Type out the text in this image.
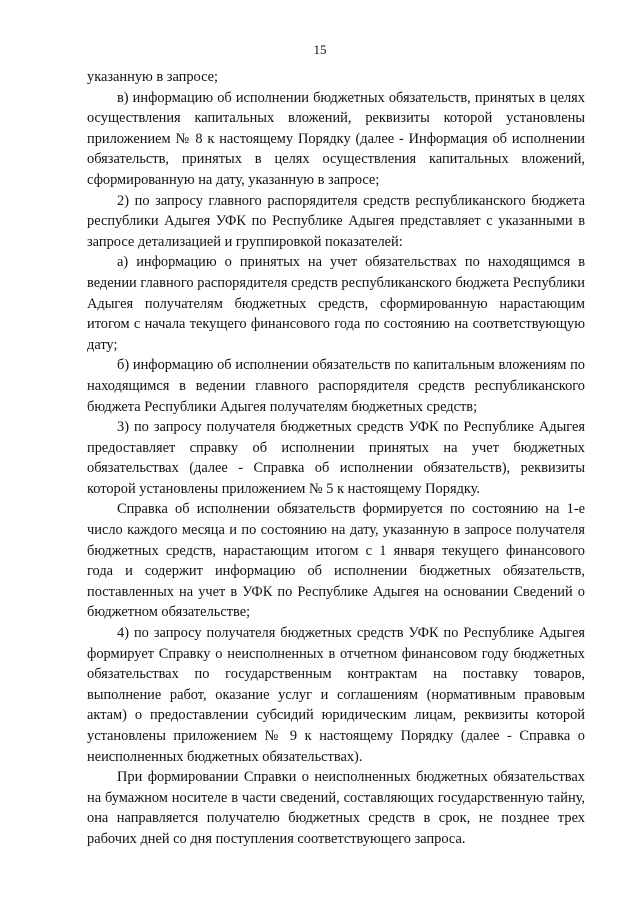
15

указанную в запросе;

в) информацию об исполнении бюджетных обязательств, принятых в целях осуществления капитальных вложений, реквизиты которой установлены приложением № 8 к настоящему Порядку (далее - Информация об исполнении обязательств, принятых в целях осуществления капитальных вложений, сформированную на дату, указанную в запросе;

2) по запросу главного распорядителя средств республиканского бюджета республики Адыгея УФК по Республике Адыгея представляет с указанными в запросе детализацией и группировкой показателей:

а) информацию о принятых на учет обязательствах по находящимся в ведении главного распорядителя средств республиканского бюджета Республики Адыгея получателям бюджетных средств, сформированную нарастающим итогом с начала текущего финансового года по состоянию на соответствующую дату;

б) информацию об исполнении обязательств по капитальным вложениям по находящимся в ведении главного распорядителя средств республиканского бюджета Республики Адыгея получателям бюджетных средств;

3) по запросу получателя бюджетных средств УФК по Республике Адыгея предоставляет справку об исполнении принятых на учет бюджетных обязательствах (далее - Справка об исполнении обязательств), реквизиты которой установлены приложением № 5 к настоящему Порядку.

Справка об исполнении обязательств формируется по состоянию на 1-е число каждого месяца и по состоянию на дату, указанную в запросе получателя бюджетных средств, нарастающим итогом с 1 января текущего финансового года и содержит информацию об исполнении бюджетных обязательств, поставленных на учет в УФК по Республике Адыгея на основании Сведений о бюджетном обязательстве;

4) по запросу получателя бюджетных средств УФК по Республике Адыгея формирует Справку о неисполненных в отчетном финансовом году бюджетных обязательствах по государственным контрактам на поставку товаров, выполнение работ, оказание услуг и соглашениям (нормативным правовым актам) о предоставлении субсидий юридическим лицам, реквизиты которой установлены приложением № 9 к настоящему Порядку (далее - Справка о неисполненных бюджетных обязательствах).

При формировании Справки о неисполненных бюджетных обязательствах на бумажном носителе в части сведений, составляющих государственную тайну, она направляется получателю бюджетных средств в срок, не позднее трех рабочих дней со дня поступления соответствующего запроса.
